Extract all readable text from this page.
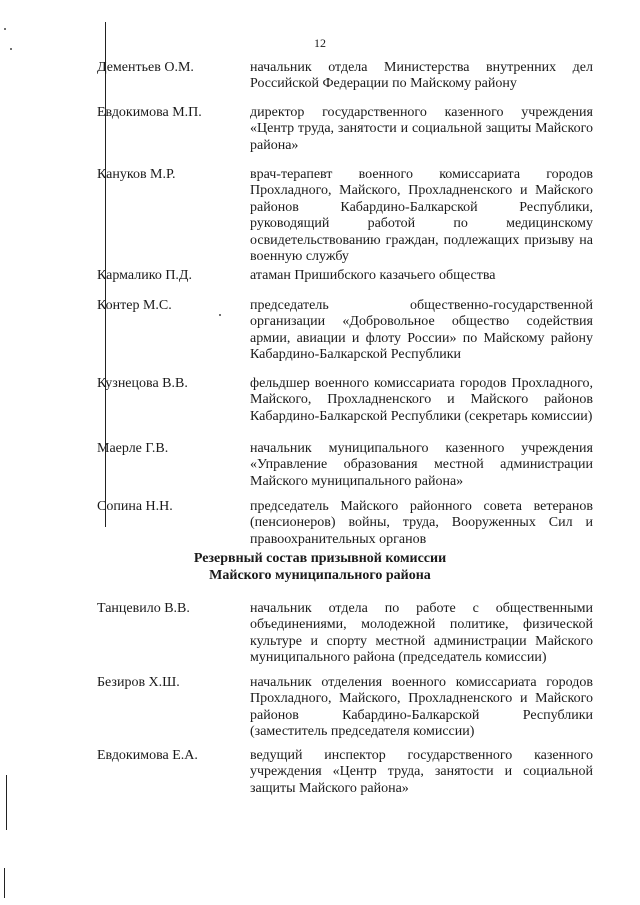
12
Дементьев О.М.	начальник отдела Министерства внутренних дел Российской Федерации по Майскому району
Евдокимова М.П.	директор государственного казенного учреждения «Центр труда, занятости и социальной защиты Майского района»
Кануков М.Р.	врач-терапевт военного комиссариата городов Прохладного, Майского, Прохладненского и Майского районов Кабардино-Балкарской Республики, руководящий работой по медицинскому освидетельствованию граждан, подлежащих призыву на военную службу
Кармалико П.Д.	атаман Пришибского казачьего общества
Контер М.С.	председатель общественно-государственной организации «Добровольное общество содействия армии, авиации и флоту России» по Майскому району Кабардино-Балкарской Республики
Кузнецова В.В.	фельдшер военного комиссариата городов Прохладного, Майского, Прохладненского и Майского районов Кабардино-Балкарской Республики (секретарь комиссии)
Маерле Г.В.	начальник муниципального казенного учреждения «Управление образования местной администрации Майского муниципального района»
Сопина Н.Н.	председатель Майского районного совета ветеранов (пенсионеров) войны, труда, Вооруженных Сил и правоохранительных органов
Резервный состав призывной комиссии
Майского муниципального района
Танцевило В.В.	начальник отдела по работе с общественными объединениями, молодежной политике, физической культуре и спорту местной администрации Майского муниципального района (председатель комиссии)
Безиров Х.Ш.	начальник отделения военного комиссариата городов Прохладного, Майского, Прохладненского и Майского районов Кабардино-Балкарской Республики (заместитель председателя комиссии)
Евдокимова Е.А.	ведущий инспектор государственного казенного учреждения «Центр труда, занятости и социальной защиты Майского района»
